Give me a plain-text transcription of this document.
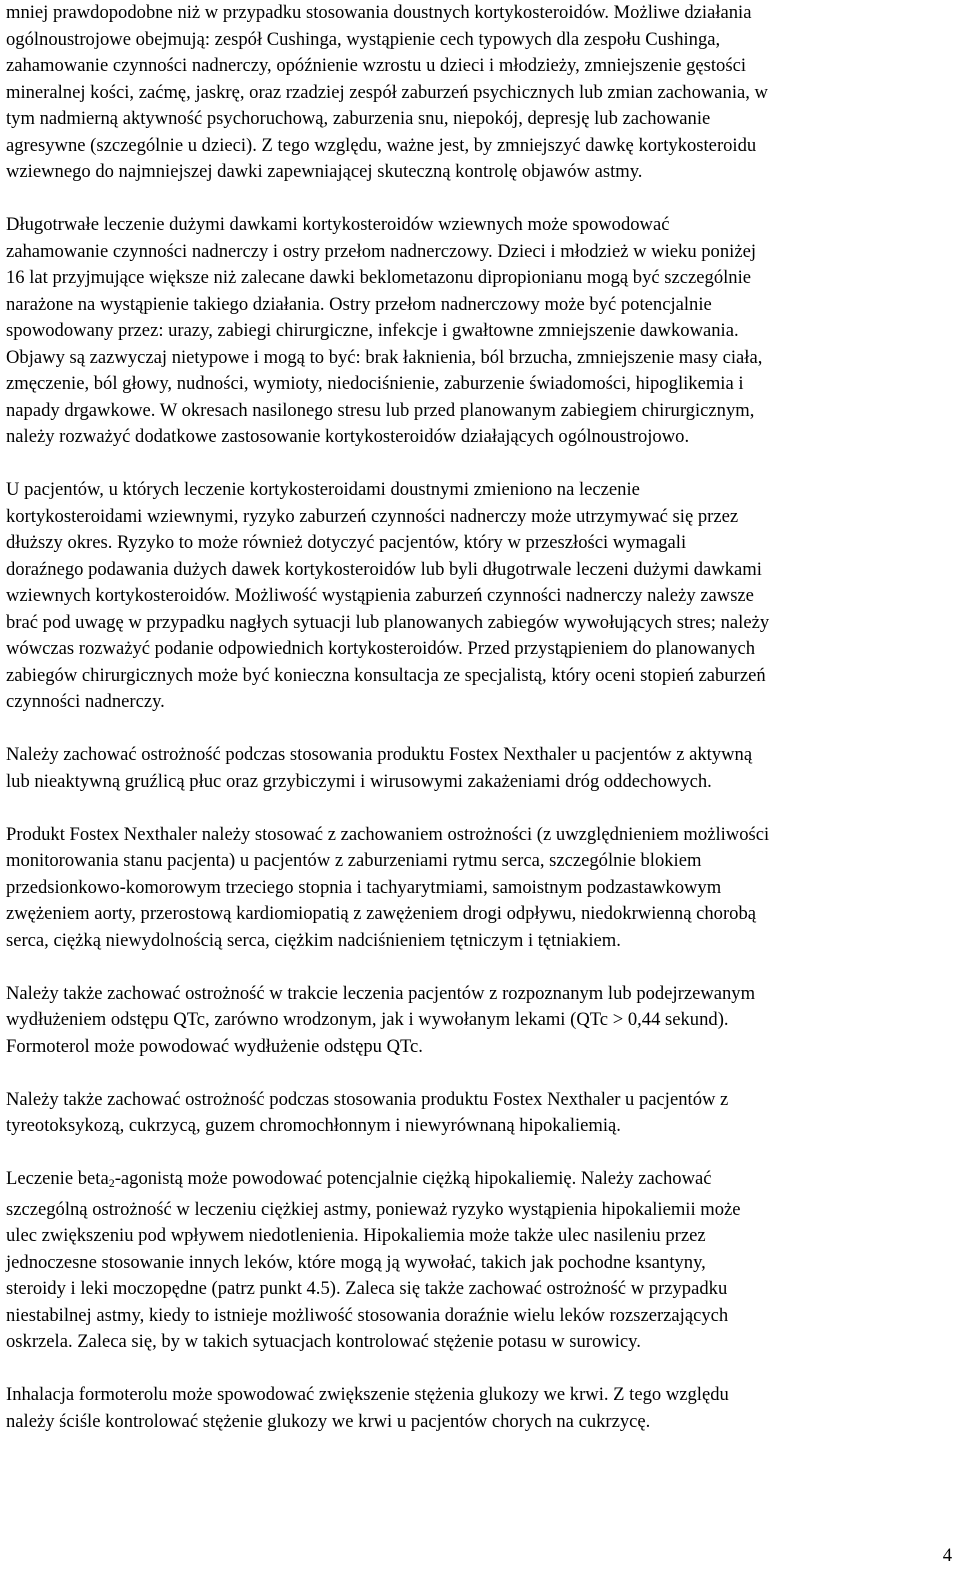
mniej prawdopodobne niż w przypadku stosowania doustnych kortykosteroidów. Możliwe działania
ogólnoustrojowe obejmują: zespół Cushinga, wystąpienie cech typowych dla zespołu Cushinga,
zahamowanie czynności nadnerczy, opóźnienie wzrostu u dzieci i młodzieży, zmniejszenie gęstości
mineralnej kości, zaćmę, jaskrę, oraz rzadziej zespół zaburzeń psychicznych lub zmian zachowania, w
tym nadmierną aktywność psychoruchową, zaburzenia snu, niepokój, depresję lub zachowanie
agresywne (szczególnie u dzieci). Z tego względu, ważne jest, by zmniejszyć dawkę kortykosteroidu
wziewnego do najmniejszej dawki zapewniającej skuteczną kontrolę objawów astmy.

Długotrwałe leczenie dużymi dawkami kortykosteroidów wziewnych może spowodować
zahamowanie czynności nadnerczy i ostry przełom nadnerczowy. Dzieci i młodzież w wieku poniżej
16 lat przyjmujące większe niż zalecane dawki beklometazonu dipropionianu mogą być szczególnie
narażone na wystąpienie takiego działania. Ostry przełom nadnerczowy może być potencjalnie
spowodowany przez: urazy, zabiegi chirurgiczne, infekcje i gwałtowne zmniejszenie dawkowania.
Objawy są zazwyczaj nietypowe i mogą to być: brak łaknienia, ból brzucha, zmniejszenie masy ciała,
zmęczenie, ból głowy, nudności, wymioty, niedociśnienie, zaburzenie świadomości, hipoglikemia i
napady drgawkowe. W okresach nasilonego stresu lub przed planowanym zabiegiem chirurgicznym,
należy rozważyć dodatkowe zastosowanie kortykosteroidów działających ogólnoustrojowo.

U pacjentów, u których leczenie kortykosteroidami doustnymi zmieniono na leczenie
kortykosteroidami wziewnymi, ryzyko zaburzeń czynności nadnerczy może utrzymywać się przez
dłuższy okres. Ryzyko to może również dotyczyć pacjentów, który w przeszłości wymagali
doraźnego podawania dużych dawek kortykosteroidów lub byli długotrwale leczeni dużymi dawkami
wziewnych kortykosteroidów. Możliwość wystąpienia zaburzeń czynności nadnerczy należy zawsze
brać pod uwagę w przypadku nagłych sytuacji lub planowanych zabiegów wywołujących stres; należy
wówczas rozważyć podanie odpowiednich kortykosteroidów. Przed przystąpieniem do planowanych
zabiegów chirurgicznych może być konieczna konsultacja ze specjalistą, który oceni stopień zaburzeń
czynności nadnerczy.

Należy zachować ostrożność podczas stosowania produktu Fostex Nexthaler u pacjentów z aktywną
lub nieaktywną gruźlicą płuc oraz grzybiczymi i wirusowymi zakażeniami dróg oddechowych.

Produkt Fostex Nexthaler należy stosować z zachowaniem ostrożności (z uwzględnieniem możliwości
monitorowania stanu pacjenta) u pacjentów z zaburzeniami rytmu serca, szczególnie blokiem
przedsionkowo-komorowym trzeciego stopnia i tachyarytmiami, samoistnym podzastawkowym
zwężeniem aorty, przerostową kardiomiopatią z zawężeniem drogi odpływu, niedokrwienną chorobą
serca, ciężką niewydolnością serca, ciężkim nadciśnieniem tętniczym i tętniakiem.

Należy także zachować ostrożność w trakcie leczenia pacjentów z rozpoznanym lub podejrzewanym
wydłużeniem odstępu QTc, zarówno wrodzonym, jak i wywołanym lekami (QTc > 0,44 sekund).
Formoterol może powodować wydłużenie odstępu QTc.

Należy także zachować ostrożność podczas stosowania produktu Fostex Nexthaler u pacjentów z
tyreotoksykozą, cukrzycą, guzem chromochłonnym i niewyrównaną hipokaliemią.

Leczenie beta$_2$-agonistą może powodować potencjalnie ciężką hipokaliemię. Należy zachować
szczególną ostrożność w leczeniu ciężkiej astmy, ponieważ ryzyko wystąpienia hipokaliemii może
ulec zwiększeniu pod wpływem niedotlenienia. Hipokaliemia może także ulec nasileniu przez
jednoczesne stosowanie innych leków, które mogą ją wywołać, takich jak pochodne ksantyny,
steroidy i leki moczopędne (patrz punkt 4.5). Zaleca się także zachować ostrożność w przypadku
niestabilnej astmy, kiedy to istnieje możliwość stosowania doraźnie wielu leków rozszerzających
oskrzela. Zaleca się, by w takich sytuacjach kontrolować stężenie potasu w surowicy.

Inhalacja formoterolu może spowodować zwiększenie stężenia glukozy we krwi. Z tego względu
należy ściśle kontrolować stężenie glukozy we krwi u pacjentów chorych na cukrzycę.

4
